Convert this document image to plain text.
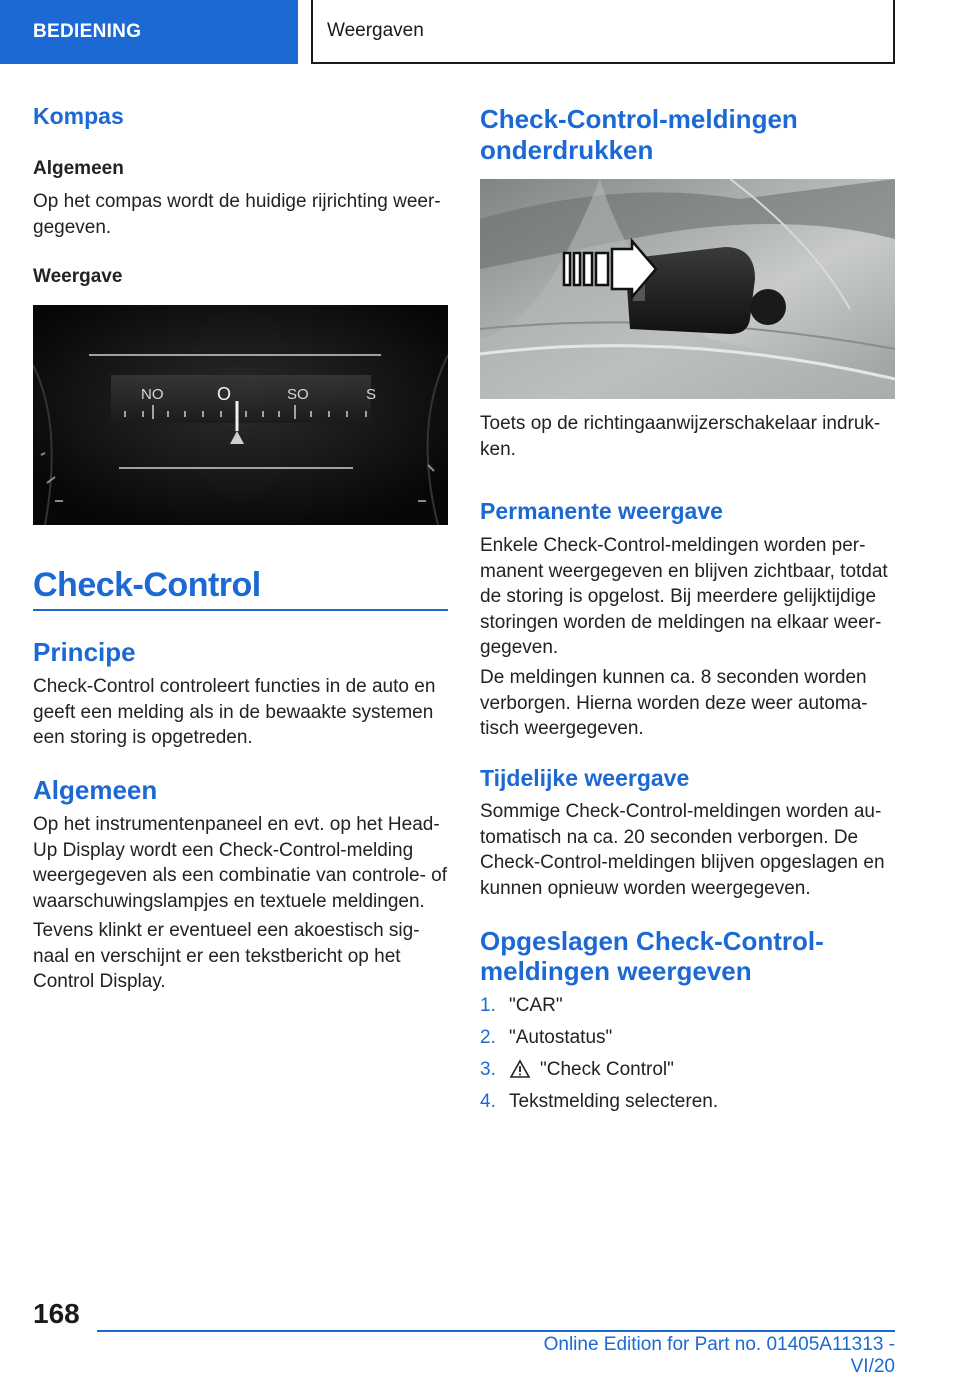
BEDIENING	Weergaven
Kompas

Algemeen

Op het compas wordt de huidige rijrichting weer-gegeven.

Weergave

NO	O	SO	S
Check-Control
Principe

Check-Control controleert functies in de auto en geeft een melding als in de bewaakte systemen een storing is opgetreden.

Algemeen

Op het instrumentenpaneel en evt. op het Head-Up Display wordt een Check-Control-melding weergegeven als een combinatie van controle- of waarschuwingslampjes en textuele meldingen.

Tevens klinkt er eventueel een akoestisch sig-naal en verschijnt er een tekstbericht op het Control Display.

Check-Control-meldingen onderdrukken

Toets op de richtingaanwijzerschakelaar indruk-ken.

Permanente weergave

Enkele Check-Control-meldingen worden per-manent weergegeven en blijven zichtbaar, totdat de storing is opgelost. Bij meerdere gelijktijdige storingen worden de meldingen na elkaar weer-gegeven.

De meldingen kunnen ca. 8 seconden worden verborgen. Hierna worden deze weer automa-tisch weergegeven.

Tijdelijke weergave

Sommige Check-Control-meldingen worden au-tomatisch na ca. 20 seconden verborgen. De Check-Control-meldingen blijven opgeslagen en kunnen opnieuw worden weergegeven.

Opgeslagen Check-Control-meldingen weergeven
1. "CAR"
2. "Autostatus"
3.	"Check Control"
4. Tekstmelding selecteren.
168
Online Edition for Part no. 01405A11313 - VI/20
